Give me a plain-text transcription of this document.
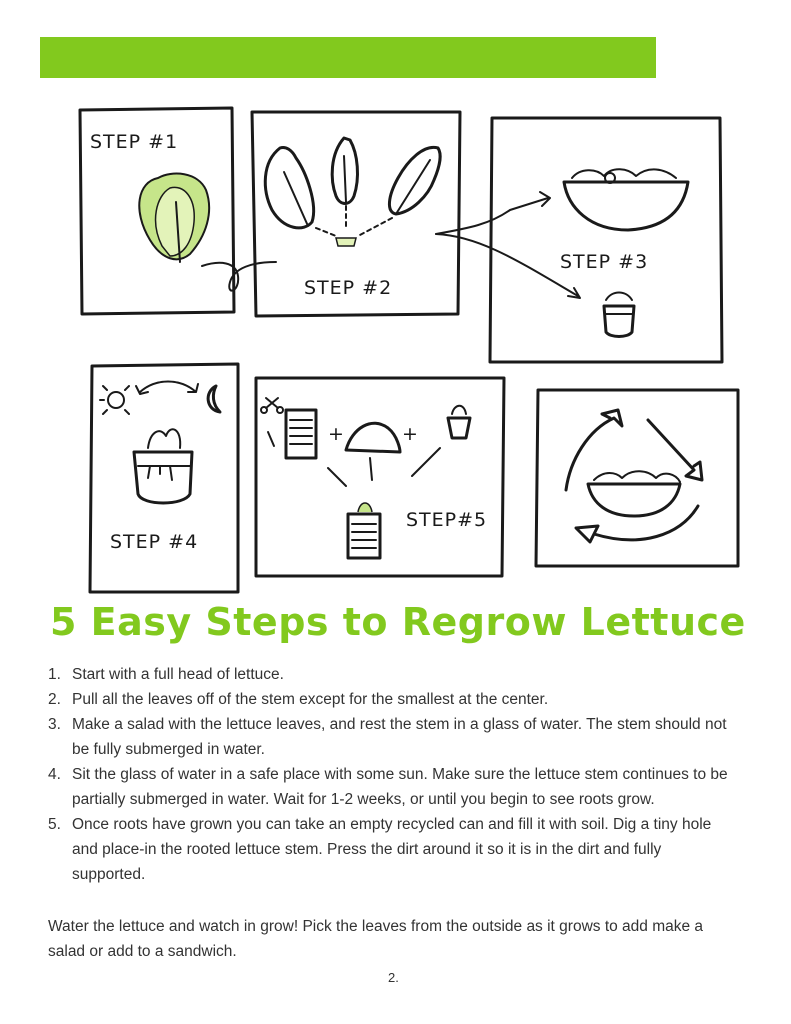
STEP #1
STEP #2
STEP #3
STEP #4
+	+
STEP#5
5 Easy Steps to Regrow Lettuce
1. Start with a full head of lettuce.
2. Pull all the leaves off of the stem except for the smallest at the center.
3. Make a salad with the lettuce leaves, and rest the stem in a glass of water. The stem should not be fully submerged in water.
4. Sit the glass of water in a safe place with some sun. Make sure the lettuce stem continues to be partially submerged in water. Wait for 1-2 weeks, or until you begin to see roots grow.
5. Once roots have grown you can take an empty recycled can and fill it with soil. Dig a tiny hole and place-in the rooted lettuce stem. Press the dirt around it so it is in the dirt and fully supported.

Water the lettuce and watch in grow! Pick the leaves from the outside as it grows to add make a salad or add to a sandwich.

2.
